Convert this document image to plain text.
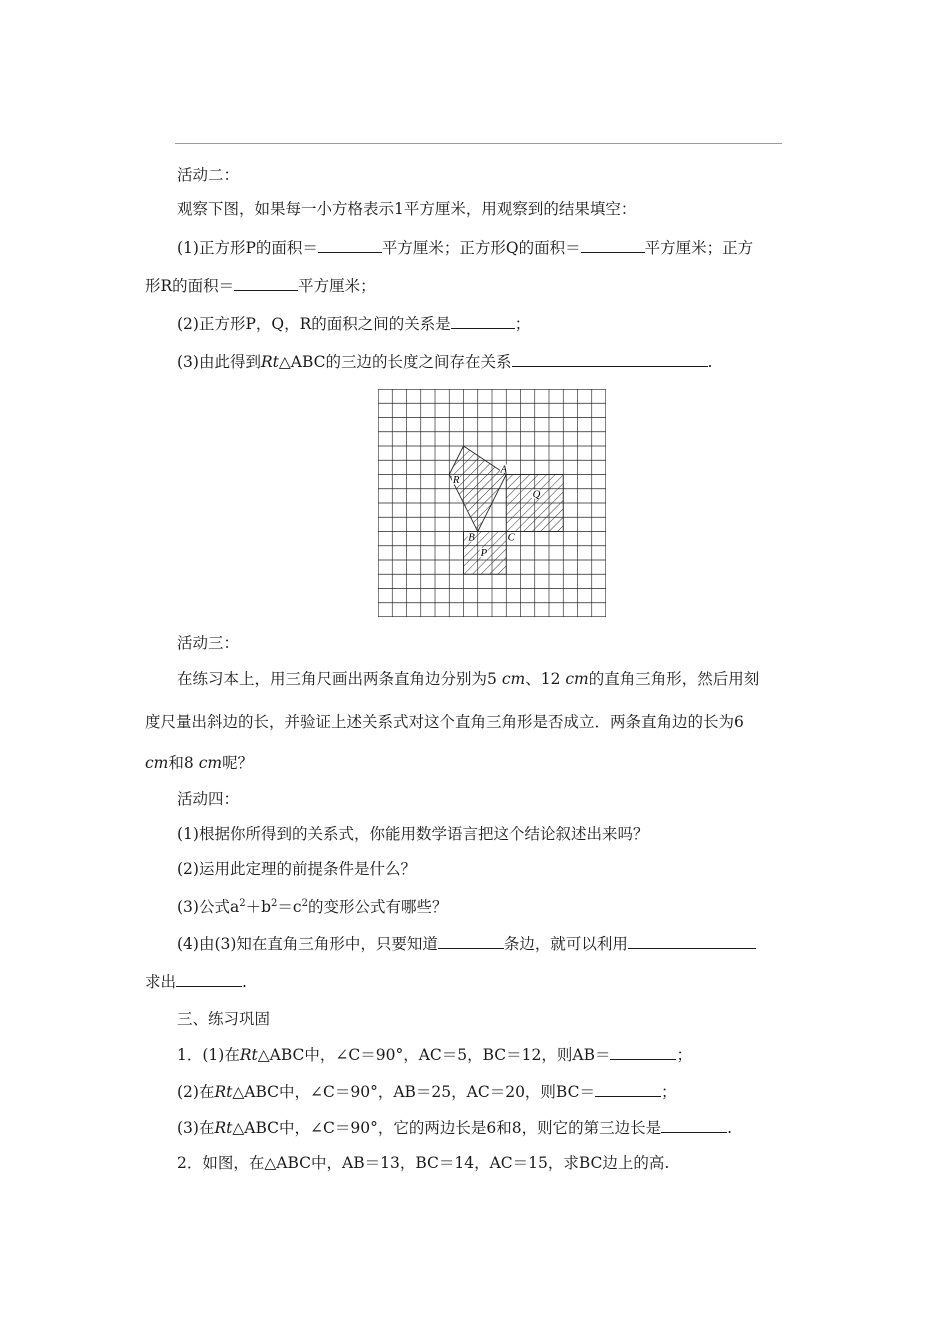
活动二：
观察下图，如果每一小方格表示1平方厘米，用观察到的结果填空：
(1)正方形P的面积＝	平方厘米；正方形Q的面积＝	平方厘米；正方
形R的面积＝	平方厘米；
(2)正方形P，Q，R的面积之间的关系是	；
(3)由此得到Rt△ABC的三边的长度之间存在关系	.
活动三：
在练习本上，用三角尺画出两条直角边分别为5 cm、12 cm的直角三角形，然后用刻
度尺量出斜边的长，并验证上述关系式对这个直角三角形是否成立．两条直角边的长为6
cm和8 cm呢？
活动四：
(1)根据你所得到的关系式，你能用数学语言把这个结论叙述出来吗？
(2)运用此定理的前提条件是什么？
(3)公式$a^2+b^2=c^2$的变形公式有哪些？
(4)由(3)知在直角三角形中，只要知道	条边，就可以利用
求出	.
三、练习巩固
1．(1)在Rt△ABC中，∠C＝90°，AC＝5，BC＝12，则AB＝	；
(2)在Rt△ABC中，∠C＝90°，AB＝25，AC＝20，则BC＝	；
(3)在Rt△ABC中，∠C＝90°，它的两边长是6和8，则它的第三边长是	.
2．如图，在△ABC中，AB＝13，BC＝14，AC＝15，求BC边上的高.
